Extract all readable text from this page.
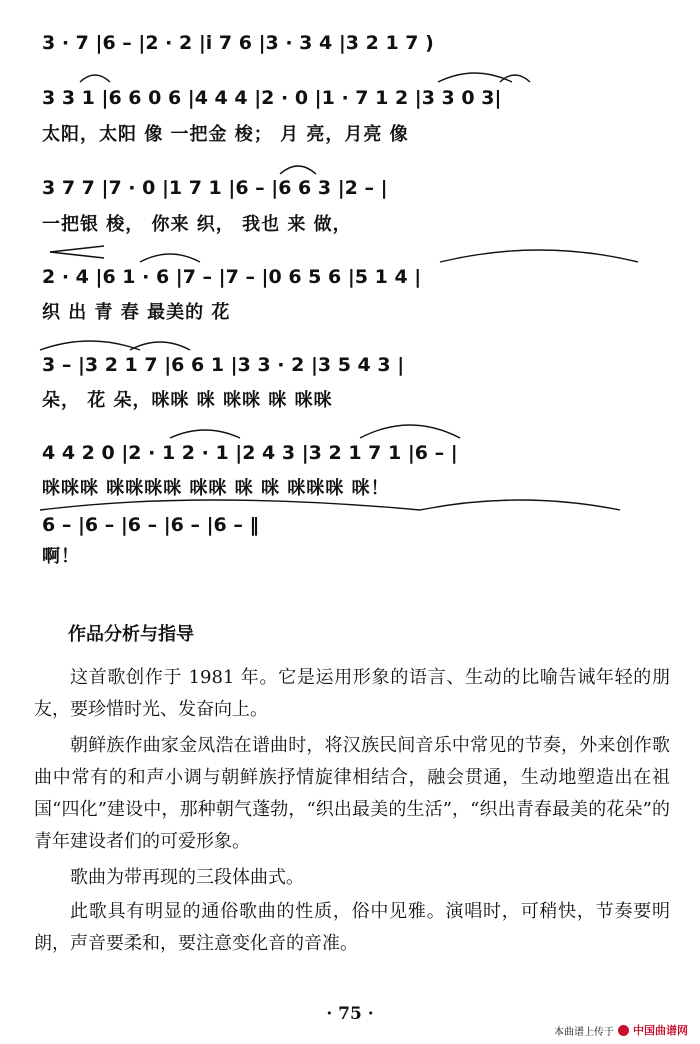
3 · 7 |6 – |2 · 2 |i 7 6 |3 · 3 4 |3 2 1 7 )
3 3 1 |6 6 0 6 |4 4 4 |2 · 0 |1 · 7 1 2 |3 3 0 3|
太阳，太阳 像 一把金 梭； 月 亮，月亮 像
3 7 7 |7 · 0 |1 7 1 |6 – |6 6 3 |2 – |
一把银 梭， 你来 织， 我也 来 做，
2 · 4 |6 1 · 6 |7 – |7 – |0 6 5 6 |5 1 4 |
织 出 青 春 最美的 花
3 – |3 2 1 7 |6 6 1 |3 3 · 2 |3 5 4 3 |
朵， 花 朵，咪咪 咪 咪咪 咪 咪咪
4 4 2 0 |2 · 1 2 · 1 |2 4 3 |3 2 1 7 1 |6 – |
咪咪咪 咪咪咪咪 咪咪 咪 咪 咪咪咪 咪！
6 – |6 – |6 – |6 – |6 – ‖
啊！
作品分析与指导

这首歌创作于 1981 年。它是运用形象的语言、生动的比喻告诫年轻的朋友，要珍惜时光、发奋向上。

朝鲜族作曲家金凤浩在谱曲时，将汉族民间音乐中常见的节奏，外来创作歌曲中常有的和声小调与朝鲜族抒情旋律相结合，融会贯通，生动地塑造出在祖国“四化”建设中，那种朝气蓬勃，“织出最美的生活”，“织出青春最美的花朵”的青年建设者们的可爱形象。

歌曲为带再现的三段体曲式。

此歌具有明显的通俗歌曲的性质，俗中见雅。演唱时，可稍快，节奏要明朗，声音要柔和，要注意变化音的音准。

· 75 ·
本曲谱上传于 中国曲谱网
